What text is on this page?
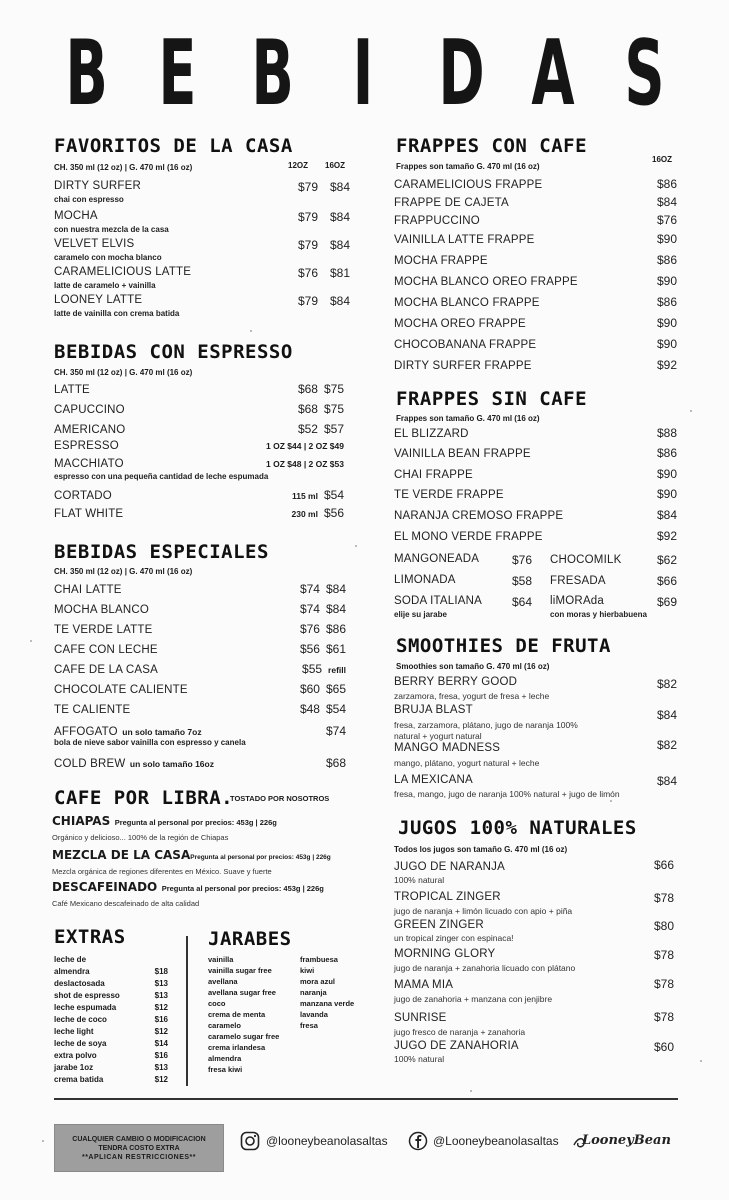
B E B I D A S
FAVORITOS DE LA CASA
CH. 350 ml (12 oz) | G. 470 ml (16 oz)	12OZ 16OZ
DIRTY SURFER	$79 $84
chai con espresso
MOCHA	$79 $84
con nuestra mezcla de la casa
VELVET ELVIS	$79 $84
caramelo con mocha blanco
CARAMELICIOUS LATTE	$76 $81
latte de caramelo + vainilla
LOONEY LATTE	$79 $84
latte de vainilla con crema batida
BEBIDAS CON ESPRESSO
CH. 350 ml (12 oz) | G. 470 ml (16 oz)
LATTE	$68 $75
CAPUCCINO	$68 $75
AMERICANO	$52 $57
ESPRESSO	1 OZ $44 | 2 OZ $49
MACCHIATO	1 OZ $48 | 2 OZ $53
espresso con una pequeña cantidad de leche espumada
CORTADO	115 ml $54
FLAT WHITE	230 ml $56
BEBIDAS ESPECIALES
CH. 350 ml (12 oz) | G. 470 ml (16 oz)
CHAI LATTE	$74 $84
MOCHA BLANCO	$74 $84
TE VERDE LATTE	$76 $86
CAFE CON LECHE	$56 $61
CAFE DE LA CASA	$55 refill
CHOCOLATE CALIENTE	$60 $65
TE CALIENTE	$48 $54
AFFOGATO un solo tamaño 7oz	$74
bola de nieve sabor vainilla con espresso y canela
COLD BREW un solo tamaño 16oz	$68
CAFE POR LIBRA.
TOSTADO POR NOSOTROS
CHIAPAS Pregunta al personal por precios: 453g | 226g
Orgánico y delicioso... 100% de la región de Chiapas
MEZCLA DE LA CASAPregunta al personal por precios: 453g | 226g
Mezcla orgánica de regiones diferentes en México. Suave y fuerte
DESCAFEINADO Pregunta al personal por precios: 453g | 226g
Café Mexicano descafeinado de alta calidad
EXTRAS
leche de
almendra	$18
deslactosada	$13
shot de espresso	$13
leche espumada	$12
leche de coco	$16
leche light	$12
leche de soya	$14
extra polvo	$16
jarabe 1oz	$13
crema batida	$12
JARABES
vainilla
vainilla sugar free
avellana
avellana sugar free
coco
crema de menta
caramelo
caramelo sugar free
crema irlandesa
almendra
fresa kiwi
frambuesa
kiwi
mora azul
naranja
manzana verde
lavanda
fresa
FRAPPES CON CAFE
Frappes son tamaño G. 470 ml (16 oz)
16OZ
CARAMELICIOUS FRAPPE	$86
FRAPPE DE CAJETA	$84
FRAPPUCCINO	$76
VAINILLA LATTE FRAPPE	$90
MOCHA FRAPPE	$86
MOCHA BLANCO OREO FRAPPE	$90
MOCHA BLANCO FRAPPE	$86
MOCHA OREO FRAPPE	$90
CHOCOBANANA FRAPPE	$90
DIRTY SURFER FRAPPE	$92
FRAPPES SIN CAFE
Frappes son tamaño G. 470 ml (16 oz)
EL BLIZZARD	$88
VAINILLA BEAN FRAPPE	$86
CHAI FRAPPE	$90
TE VERDE FRAPPE	$90
NARANJA CREMOSO FRAPPE	$84
EL MONO VERDE FRAPPE	$92
MANGONEADA	$76 CHOCOMILK	$62
LIMONADA	$58 FRESADA	$66
SODA ITALIANA	$64 liMORAda	$69
elije su jarabe	con moras y hierbabuena
SMOOTHIES DE FRUTA
Smoothies son tamaño G. 470 ml (16 oz)
BERRY BERRY GOOD	$82
zarzamora, fresa, yogurt de fresa + leche
BRUJA BLAST	$84
fresa, zarzamora, plátano, jugo de naranja 100%
natural + yogurt natural
MANGO MADNESS	$82
mango, plátano, yogurt natural + leche
LA MEXICANA	$84
fresa, mango, jugo de naranja 100% natural + jugo de limón
JUGOS 100% NATURALES
Todos los jugos son tamaño G. 470 ml (16 oz)
JUGO DE NARANJA	$66
100% natural
TROPICAL ZINGER	$78
jugo de naranja + limón licuado con apio + piña
GREEN ZINGER	$80
un tropical zinger con espinaca!
MORNING GLORY	$78
jugo de naranja + zanahoria licuado con plátano
MAMA MIA	$78
jugo de zanahoria + manzana con jenjibre
SUNRISE	$78
jugo fresco de naranja + zanahoria
JUGO DE ZANAHORIA	$60
100% natural
CUALQUIER CAMBIO O MODIFICACION
TENDRA COSTO EXTRA
**APLICAN RESTRICCIONES**
@looneybeanolasaltas	@Looneybeanolasaltas LooneyBean
